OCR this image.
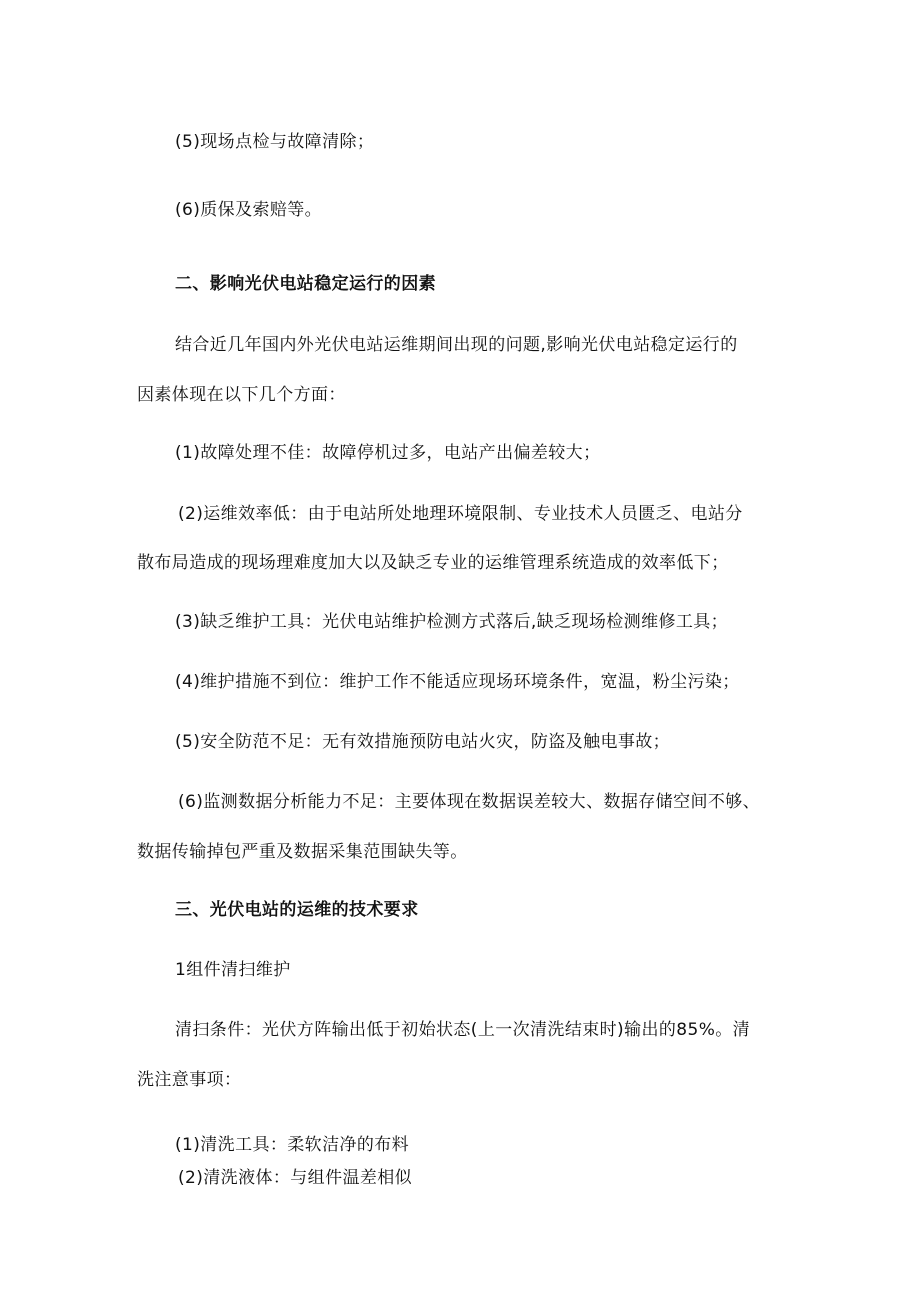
(5)现场点检与故障清除；

(6)质保及索赔等。

二、影响光伏电站稳定运行的因素

结合近几年国内外光伏电站运维期间出现的问题,影响光伏电站稳定运行的

因素体现在以下几个方面：

(1)故障处理不佳：故障停机过多，电站产出偏差较大；

(2)运维效率低：由于电站所处地理环境限制、专业技术人员匮乏、电站分

散布局造成的现场理难度加大以及缺乏专业的运维管理系统造成的效率低下；

(3)缺乏维护工具：光伏电站维护检测方式落后,缺乏现场检测维修工具；

(4)维护措施不到位：维护工作不能适应现场环境条件，宽温，粉尘污染；

(5)安全防范不足：无有效措施预防电站火灾，防盗及触电事故；

(6)监测数据分析能力不足：主要体现在数据误差较大、数据存储空间不够、

数据传输掉包严重及数据采集范围缺失等。

三、光伏电站的运维的技术要求

1组件清扫维护

清扫条件：光伏方阵输出低于初始状态(上一次清洗结束时)输出的85%。清

洗注意事项：

(1)清洗工具：柔软洁净的布料

(2)清洗液体：与组件温差相似
